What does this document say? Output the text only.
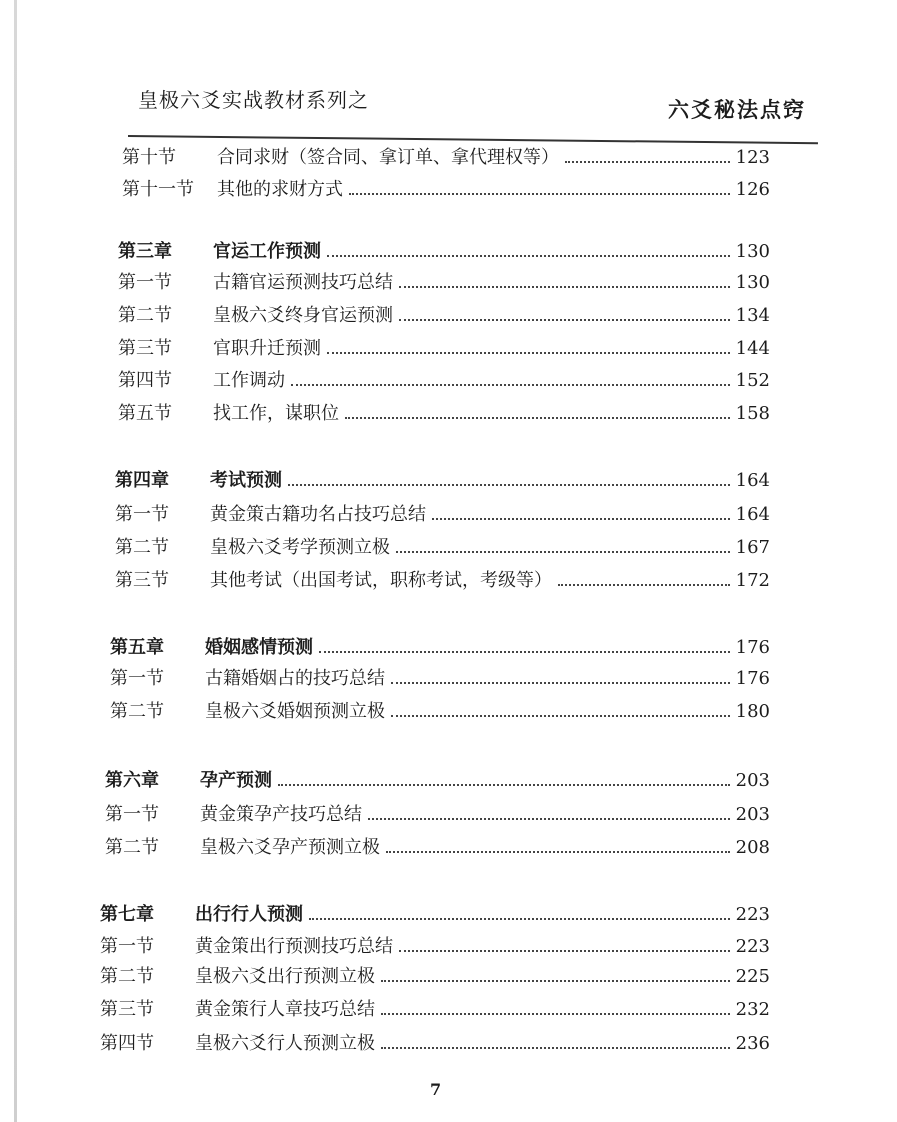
皇极六爻实战教材系列之	六爻秘法点窍
第十节	合同求财（签合同、拿订单、拿代理权等）	123
第十一节	其他的求财方式	126
第三章	官运工作预测	130
第一节	古籍官运预测技巧总结	130
第二节	皇极六爻终身官运预测	134
第三节	官职升迁预测	144
第四节	工作调动	152
第五节	找工作，谋职位	158
第四章	考试预测	164
第一节	黄金策古籍功名占技巧总结	164
第二节	皇极六爻考学预测立极	167
第三节	其他考试（出国考试，职称考试，考级等）	172
第五章	婚姻感情预测	176
第一节	古籍婚姻占的技巧总结	176
第二节	皇极六爻婚姻预测立极	180
第六章	孕产预测	203
第一节	黄金策孕产技巧总结	203
第二节	皇极六爻孕产预测立极	208
第七章	出行行人预测	223
第一节	黄金策出行预测技巧总结	223
第二节	皇极六爻出行预测立极	225
第三节	黄金策行人章技巧总结	232
第四节	皇极六爻行人预测立极	236
7
